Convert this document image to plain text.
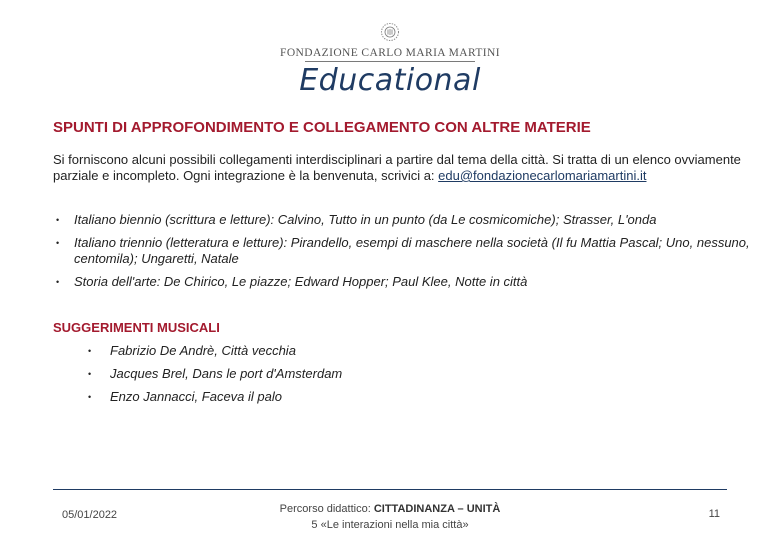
FONDAZIONE CARLO MARIA MARTINI
Educational
SPUNTI DI APPROFONDIMENTO E COLLEGAMENTO CON ALTRE MATERIE

Si forniscono alcuni possibili collegamenti interdisciplinari a partire dal tema della città. Si tratta di un elenco ovviamente parziale e incompleto. Ogni integrazione è la benvenuta, scrivici a: edu@fondazionecarlomariamartini.it

• Italiano biennio (scrittura e letture): Calvino, Tutto in un punto (da Le cosmicomiche); Strasser, L'onda
• Italiano triennio (letteratura e letture): Pirandello, esempi di maschere nella società (Il fu Mattia Pascal; Uno, nessuno, centomila); Ungaretti, Natale
• Storia dell'arte: De Chirico, Le piazze; Edward Hopper; Paul Klee, Notte in città
SUGGERIMENTI MUSICALI
• Fabrizio De Andrè, Città vecchia
• Jacques Brel, Dans le port d'Amsterdam
• Enzo Jannacci, Faceva il palo
05/01/2022	Percorso didattico: CITTADINANZA – UNITÀ
5 «Le interazioni nella mia città»
11
